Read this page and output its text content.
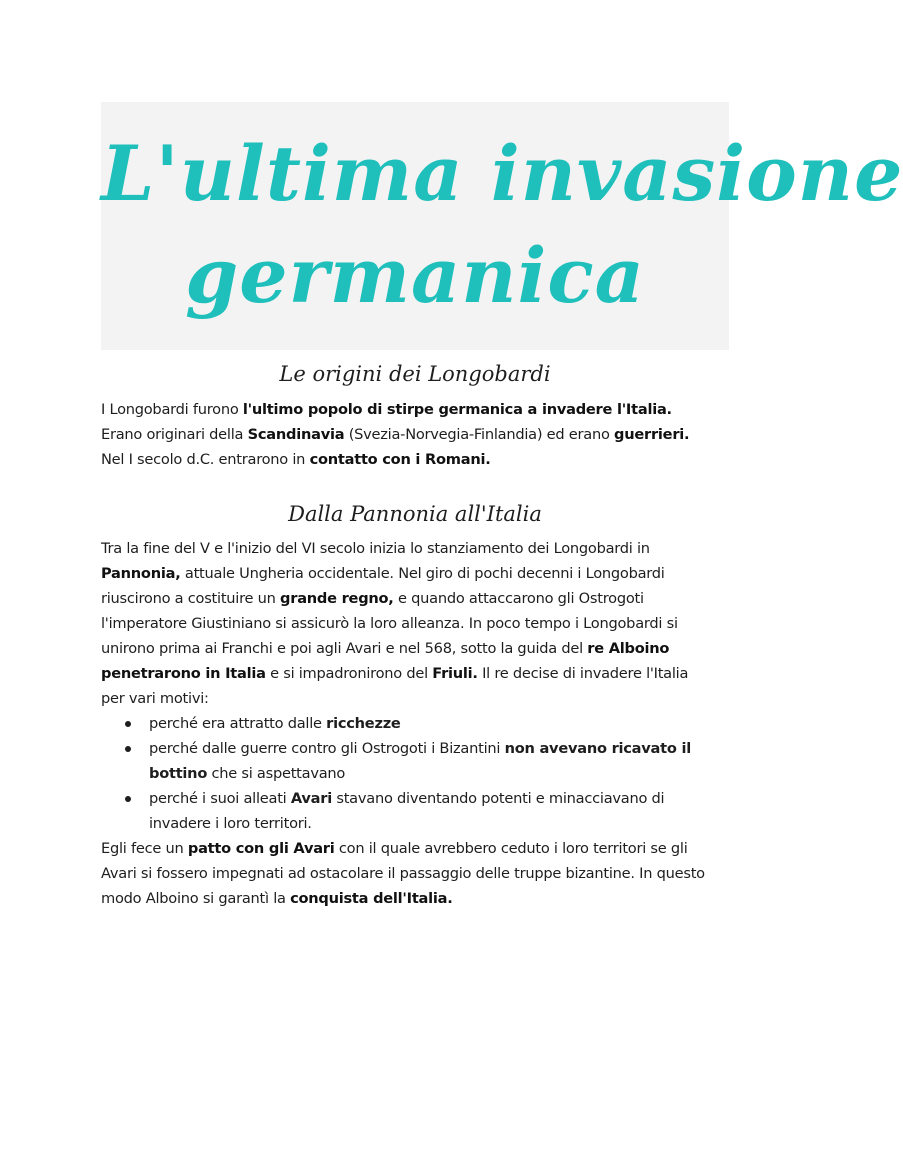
L'ultima invasione
germanica
Le origini dei Longobardi

I Longobardi furono l'ultimo popolo di stirpe germanica a invadere l'Italia. Erano originari della Scandinavia (Svezia-Norvegia-Finlandia) ed erano guerrieri. Nel I secolo d.C. entrarono in contatto con i Romani.

Dalla Pannonia all'Italia

Tra la fine del V e l'inizio del VI secolo inizia lo stanziamento dei Longobardi in Pannonia, attuale Ungheria occidentale. Nel giro di pochi decenni i Longobardi riuscirono a costituire un grande regno, e quando attaccarono gli Ostrogoti l'imperatore Giustiniano si assicurò la loro alleanza. In poco tempo i Longobardi si unirono prima ai Franchi e poi agli Avari e nel 568, sotto la guida del re Alboino penetrarono in Italia e si impadronirono del Friuli. Il re decise di invadere l'Italia per vari motivi:

perché era attratto dalle ricchezze
perché dalle guerre contro gli Ostrogoti i Bizantini non avevano ricavato il bottino che si aspettavano
perché i suoi alleati Avari stavano diventando potenti e minacciavano di invadere i loro territori.

Egli fece un patto con gli Avari con il quale avrebbero ceduto i loro territori se gli Avari si fossero impegnati ad ostacolare il passaggio delle truppe bizantine. In questo modo Alboino si garantì la conquista dell'Italia.
